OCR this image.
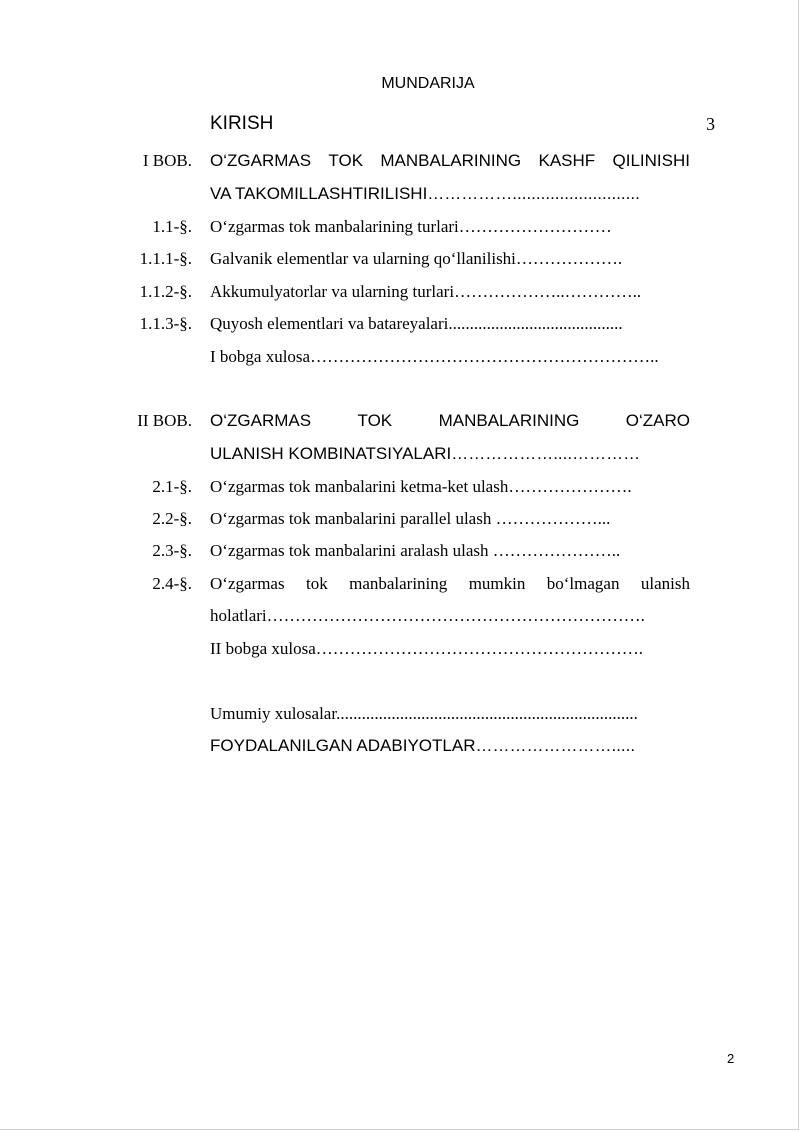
MUNDARIJA
KIRISH	3
I BOB. O‘ZGARMAS TOK MANBALARINING KASHF QILINISHI
VA TAKOMILLASHTIRILISHI……………...........................
1.1-§. O‘zgarmas tok manbalarining turlari………………………
1.1.1-§. Galvanik elementlar va ularning qo‘llanilishi……………….
1.1.2-§. Akkumulyatorlar va ularning turlari………………..…………..
1.1.3-§. Quyosh elementlari va batareyalari.........................................
I bobga xulosa……………………………………………………..
II BOB. O‘ZGARMAS	TOK	MANBALARINING	O‘ZARO
ULANISH KOMBINATSIYALARI………………....…………
2.1-§. O‘zgarmas tok manbalarini ketma-ket ulash………………….
2.2-§. O‘zgarmas tok manbalarini parallel ulash ………………...
2.3-§. O‘zgarmas tok manbalarini aralash ulash …………………..
2.4-§. O‘zgarmas tok manbalarining mumkin bo‘lmagan ulanish
holatlari………………………………………………………….
II bobga xulosa………………………………………………….
Umumiy xulosalar.......................................................................
FOYDALANILGAN ADABIYOTLAR…………………….....
2
